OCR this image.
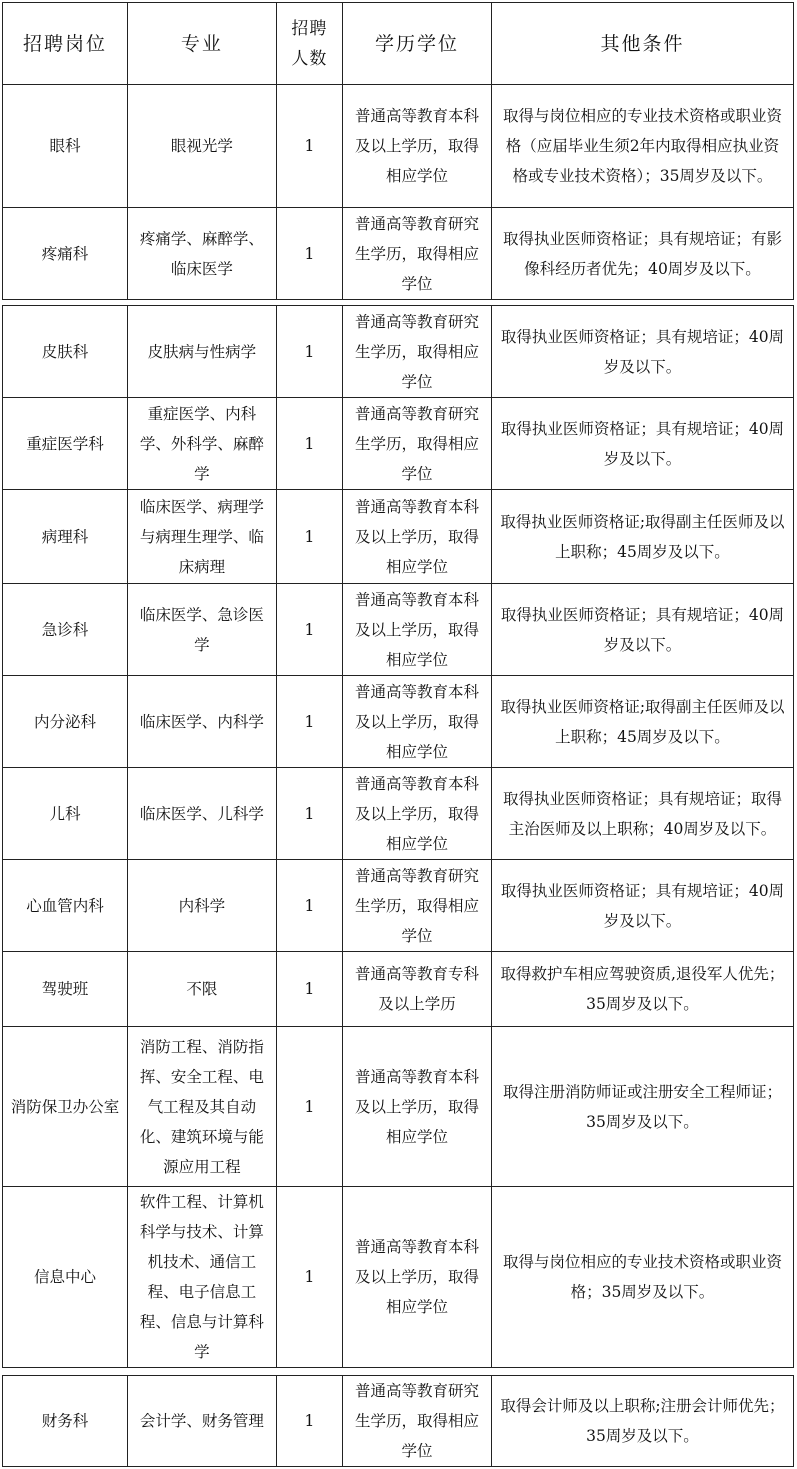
招聘岗位	专业	招聘人数	学历学位	其他条件
眼科	眼视光学	1	普通高等教育本科及以上学历，取得相应学位	取得与岗位相应的专业技术资格或职业资格（应届毕业生须2年内取得相应执业资格或专业技术资格）；35周岁及以下。
疼痛科	疼痛学、麻醉学、临床医学	1	普通高等教育研究生学历，取得相应学位	取得执业医师资格证；具有规培证；有影像科经历者优先；40周岁及以下。
皮肤科	皮肤病与性病学	1	普通高等教育研究生学历，取得相应学位	取得执业医师资格证；具有规培证；40周岁及以下。
重症医学科	重症医学、内科学、外科学、麻醉学	1	普通高等教育研究生学历，取得相应学位	取得执业医师资格证；具有规培证；40周岁及以下。
病理科	临床医学、病理学与病理生理学、临床病理	1	普通高等教育本科及以上学历，取得相应学位	取得执业医师资格证;取得副主任医师及以上职称；45周岁及以下。
急诊科	临床医学、急诊医学	1	普通高等教育本科及以上学历，取得相应学位	取得执业医师资格证；具有规培证；40周岁及以下。
内分泌科	临床医学、内科学	1	普通高等教育本科及以上学历，取得相应学位	取得执业医师资格证;取得副主任医师及以上职称；45周岁及以下。
儿科	临床医学、儿科学	1	普通高等教育本科及以上学历，取得相应学位	取得执业医师资格证；具有规培证；取得主治医师及以上职称；40周岁及以下。
心血管内科	内科学	1	普通高等教育研究生学历，取得相应学位	取得执业医师资格证；具有规培证；40周岁及以下。
驾驶班	不限	1	普通高等教育专科及以上学历	取得救护车相应驾驶资质,退役军人优先；35周岁及以下。
消防保卫办公室	消防工程、消防指挥、安全工程、电气工程及其自动化、建筑环境与能源应用工程	1	普通高等教育本科及以上学历，取得相应学位	取得注册消防师证或注册安全工程师证；35周岁及以下。
信息中心	软件工程、计算机科学与技术、计算机技术、通信工程、电子信息工程、信息与计算科学	1	普通高等教育本科及以上学历，取得相应学位	取得与岗位相应的专业技术资格或职业资格；35周岁及以下。
财务科	会计学、财务管理	1	普通高等教育研究生学历，取得相应学位	取得会计师及以上职称;注册会计师优先；35周岁及以下。
